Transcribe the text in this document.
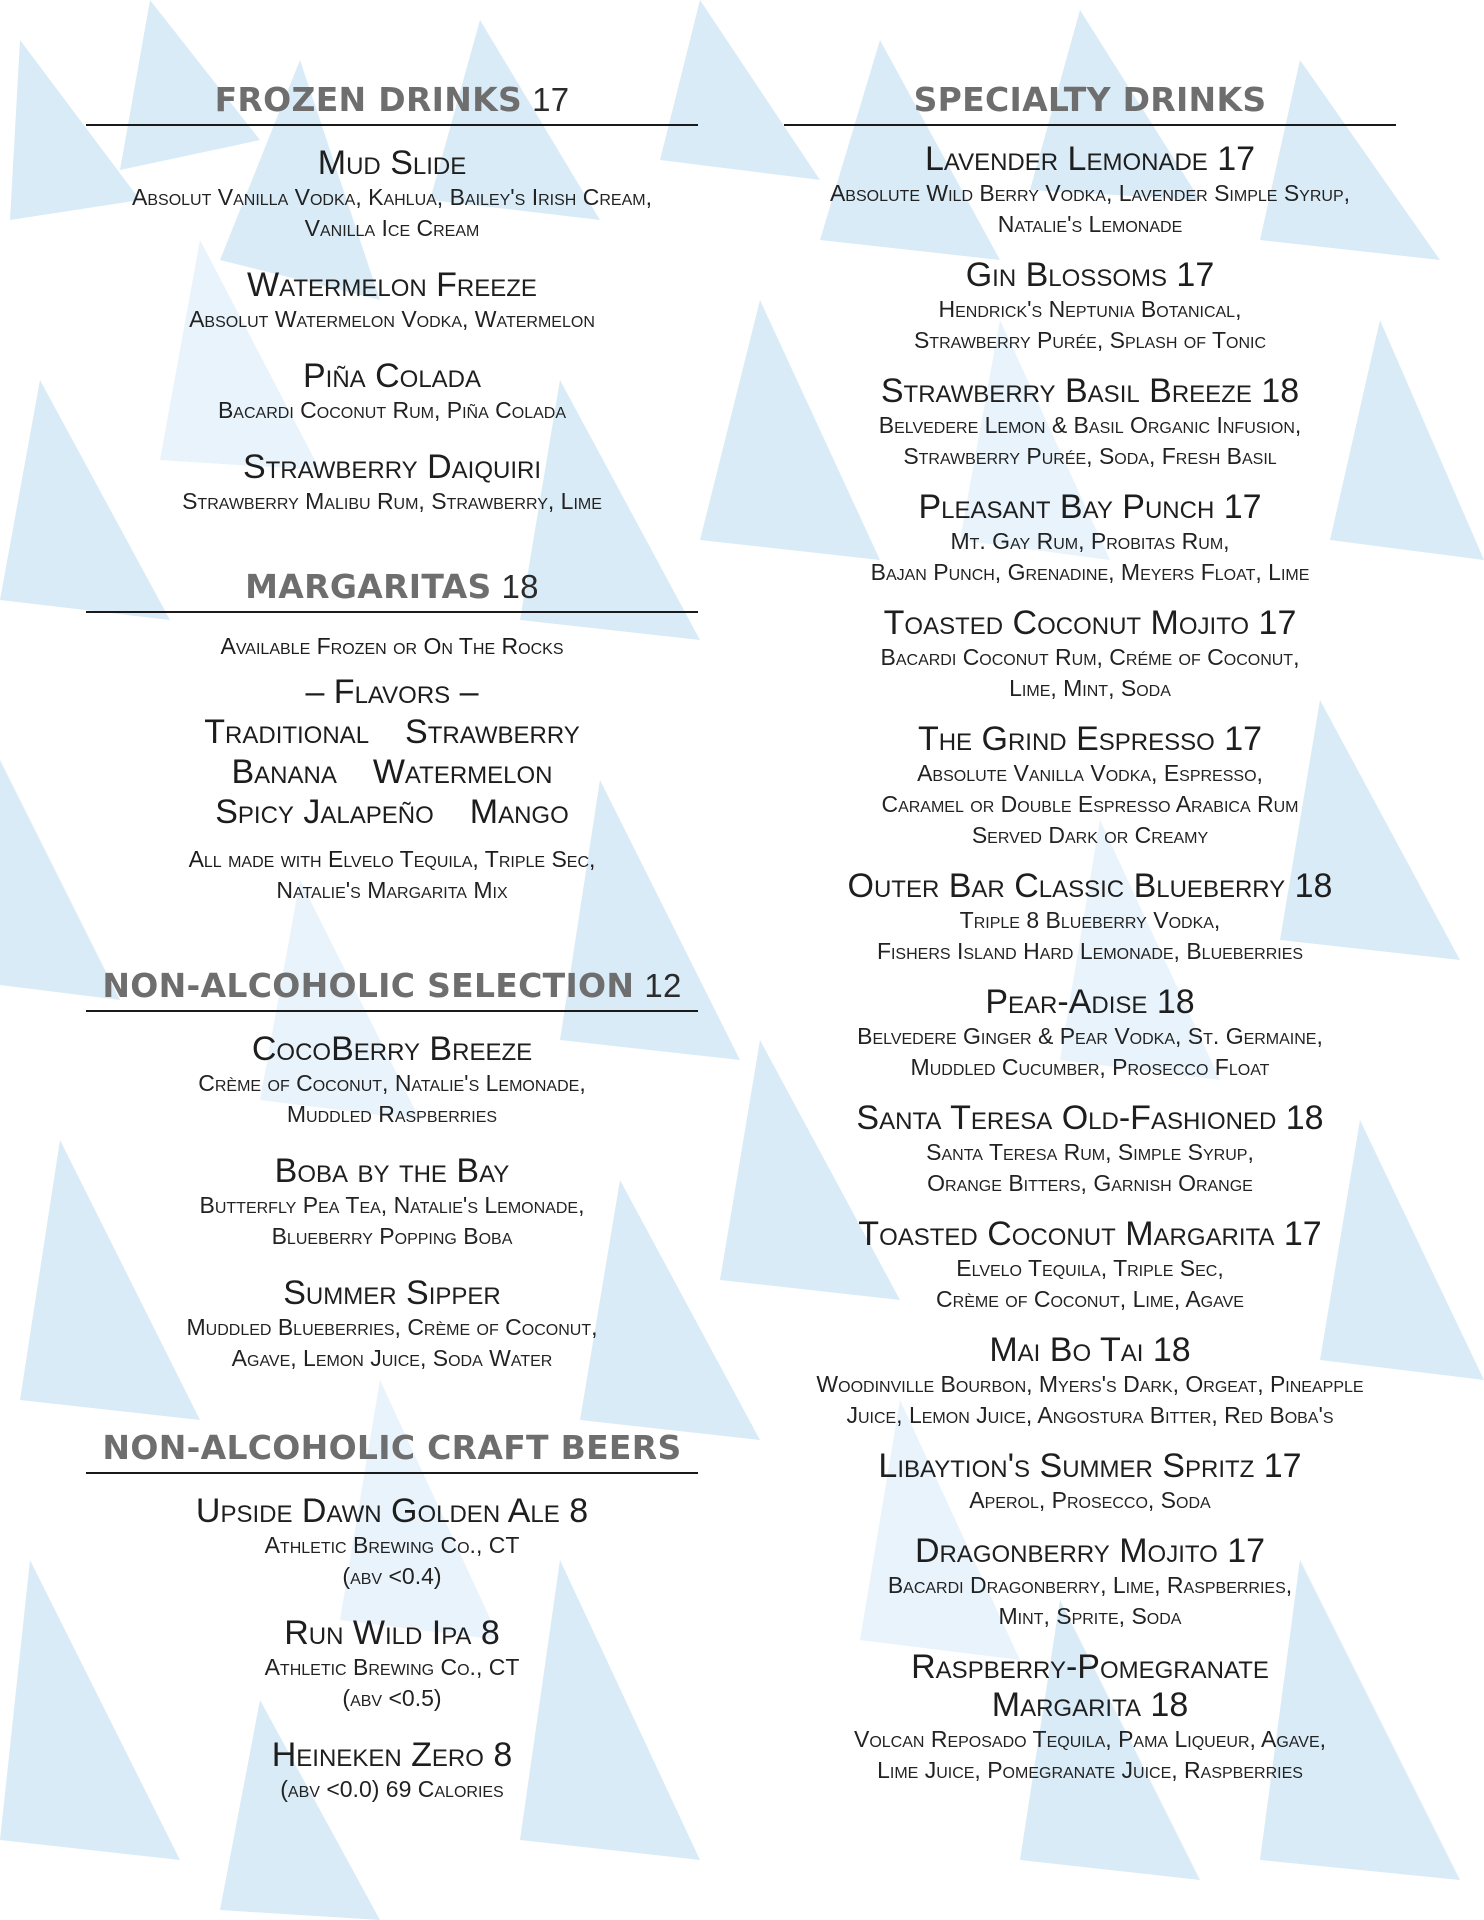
FROZEN DRINKS 17
Mud Slide
Absolut Vanilla Vodka, Kahlua, Bailey's Irish Cream,
Vanilla Ice Cream
Watermelon Freeze
Absolut Watermelon Vodka, Watermelon
Piña Colada
Bacardi Coconut Rum, Piña Colada
Strawberry Daiquiri
Strawberry Malibu Rum, Strawberry, Lime
MARGARITAS 18
Available Frozen or On The Rocks
– Flavors –
Traditional Strawberry
Banana Watermelon
Spicy Jalapeño Mango
All made with Elvelo Tequila, Triple Sec,
Natalie's Margarita Mix
NON-ALCOHOLIC SELECTION 12
CocoBerry Breeze
Crème of Coconut, Natalie's Lemonade,
Muddled Raspberries
Boba by the Bay
Butterfly Pea Tea, Natalie's Lemonade,
Blueberry Popping Boba
Summer Sipper
Muddled Blueberries, Crème of Coconut,
Agave, Lemon Juice, Soda Water
NON-ALCOHOLIC CRAFT BEERS
Upside Dawn Golden Ale 8
Athletic Brewing Co., CT
(abv <0.4)
Run Wild Ipa 8
Athletic Brewing Co., CT
(abv <0.5)
Heineken Zero 8
(abv <0.0) 69 Calories
SPECIALTY DRINKS
Lavender Lemonade 17
Absolute Wild Berry Vodka, Lavender Simple Syrup,
Natalie's Lemonade
Gin Blossoms 17
Hendrick's Neptunia Botanical,
Strawberry Purée, Splash of Tonic
Strawberry Basil Breeze 18
Belvedere Lemon & Basil Organic Infusion,
Strawberry Purée, Soda, Fresh Basil
Pleasant Bay Punch 17
Mt. Gay Rum, Probitas Rum,
Bajan Punch, Grenadine, Meyers Float, Lime
Toasted Coconut Mojito 17
Bacardi Coconut Rum, Créme of Coconut,
Lime, Mint, Soda
The Grind Espresso 17
Absolute Vanilla Vodka, Espresso,
Caramel or Double Espresso Arabica Rum
Served Dark or Creamy
Outer Bar Classic Blueberry 18
Triple 8 Blueberry Vodka,
Fishers Island Hard Lemonade, Blueberries
Pear-Adise 18
Belvedere Ginger & Pear Vodka, St. Germaine,
Muddled Cucumber, Prosecco Float
Santa Teresa Old-Fashioned 18
Santa Teresa Rum, Simple Syrup,
Orange Bitters, Garnish Orange
Toasted Coconut Margarita 17
Elvelo Tequila, Triple Sec,
Crème of Coconut, Lime, Agave
Mai Bo Tai 18
Woodinville Bourbon, Myers's Dark, Orgeat, Pineapple
Juice, Lemon Juice, Angostura Bitter, Red Boba's
Libaytion's Summer Spritz 17
Aperol, Prosecco, Soda
Dragonberry Mojito 17
Bacardi Dragonberry, Lime, Raspberries,
Mint, Sprite, Soda
Raspberry-Pomegranate
Margarita 18
Volcan Reposado Tequila, Pama Liqueur, Agave,
Lime Juice, Pomegranate Juice, Raspberries
